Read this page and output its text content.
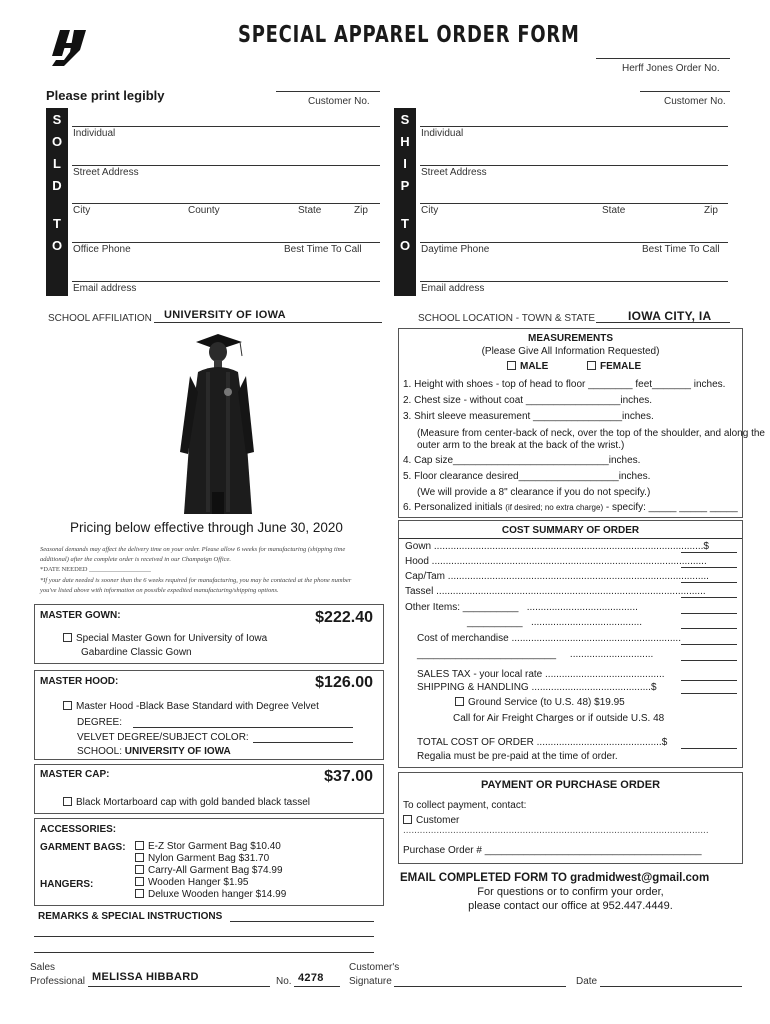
SPECIAL APPAREL ORDER FORM
Herff Jones Order No.
Please print legibly	Customer No.
S
O
L
D
T
O
Individual
Street Address
City	County	State	Zip
Office Phone	Best Time To Call
Email address
Customer No.
S
H
I
P
T
O
Individual
Street Address
City	State	Zip
Daytime Phone	Best Time To Call
Email address
SCHOOL AFFILIATION UNIVERSITY OF IOWA	SCHOOL LOCATION - TOWN & STATE	IOWA CITY, IA
MEASUREMENTS
(Please Give All Information Requested)
MALE	FEMALE
1. Height with shoes - top of head to floor ________ feet_______ inches.
2. Chest size - without coat _________________inches.
3. Shirt sleeve measurement ________________inches.
(Measure from center-back of neck, over the top of the shoulder, and along the
outer arm to the break at the back of the wrist.)
4. Cap size____________________________inches.
5. Floor clearance desired__________________inches.
(We will provide a 8" clearance if you do not specify.)
6. Personalized initials (if desired; no extra charge) - specify: _____ _____ _____
Pricing below effective through June 30, 2020
Seasonal demands may affect the delivery time on your order. Please allow 6 weeks for manufacturing (shipping time
additional) after the complete order is received in our Champaign Office.
*DATE NEEDED ___________________
*If your date needed is sooner than the 6 weeks required for manufacturing, you may be contacted at the phone number
you've listed above with information on possible expedited manufacturing/shipping options.
MASTER GOWN:	$222.40
Special Master Gown for University of Iowa
Gabardine Classic Gown
MASTER HOOD:	$126.00
Master Hood -Black Base Standard with Degree Velvet
DEGREE:
VELVET DEGREE/SUBJECT COLOR:
SCHOOL: UNIVERSITY OF IOWA
MASTER CAP:	$37.00
Black Mortarboard cap with gold banded black tassel
ACCESSORIES:
GARMENT BAGS:	E-Z Stor Garment Bag $10.40
Nylon Garment Bag $31.70
Carry-All Garment Bag $74.99
HANGERS:	Wooden Hanger $1.95
Deluxe Wooden hanger $14.99
REMARKS & SPECIAL INSTRUCTIONS
COST SUMMARY OF ORDER
Gown .................................................................................................$
Hood ...................................................................................................
Cap/Tam ..............................................................................................
Tassel .................................................................................................
Other Items: __________   ........................................
__________   ........................................
Cost of merchandise .............................................................
_________________________     ..............................
SALES TAX - your local rate ...........................................
SHIPPING & HANDLING ...........................................$
Ground Service (to U.S. 48) $19.95
Call for Air Freight Charges or if outside U.S. 48
TOTAL COST OF ORDER .............................................$
Regalia must be pre-paid at the time of order.
PAYMENT OR PURCHASE ORDER
To collect payment, contact:
Customer
..............................................................................................................
Purchase Order # _______________________________________
EMAIL COMPLETED FORM TO gradmidwest@gmail.com
For questions or to confirm your order,
please contact our office at 952.447.4449.
Sales
Professional MELISSA HIBBARD	No. 4278
Customer's
Signature	Date
